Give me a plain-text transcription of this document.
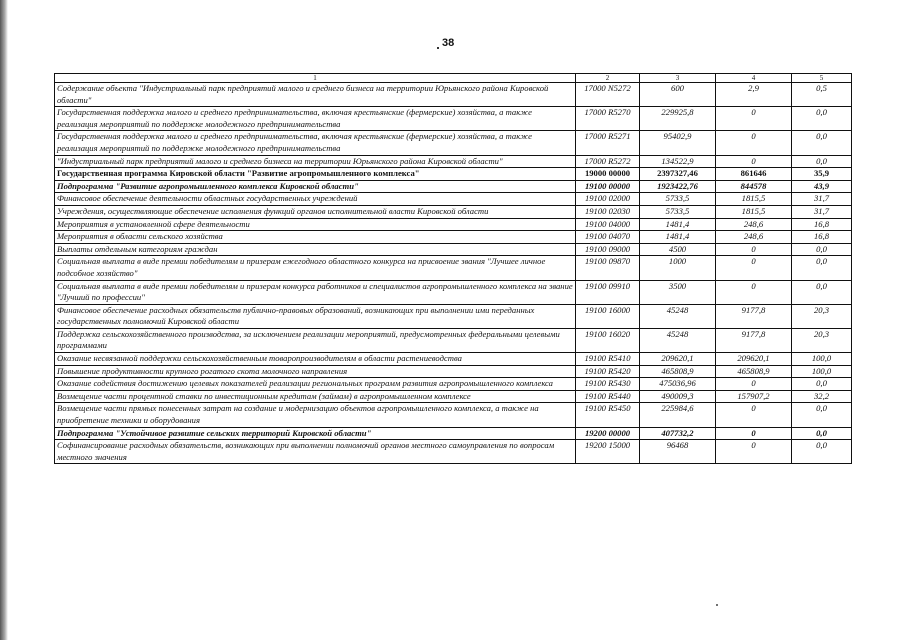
38
1	2	3	4	5
Содержание объекта "Индустриальный парк предприятий малого и среднего бизнеса на территории Юрьянского района Кировской области"	17000 N5272	600	2,9	0,5
Государственная поддержка малого и среднего предпринимательства, включая крестьянские (фермерские) хозяйства, а также реализация мероприятий по поддержке молодежного предпринимательства	17000 R5270	229925,8	0	0,0
Государственная поддержка малого и среднего предпринимательства, включая крестьянские (фермерские) хозяйства, а также реализация мероприятий по поддержке молодежного предпринимательства	17000 R5271	95402,9	0	0,0
"Индустриальный парк предприятий малого и среднего бизнеса на территории Юрьянского района Кировской области"	17000 R5272	134522,9	0	0,0
Государственная программа Кировской области "Развитие агропромышленного комплекса"	19000 00000	2397327,46	861646	35,9
Подпрограмма "Развитие агропромышленного комплекса Кировской области"	19100 00000	1923422,76	844578	43,9
Финансовое обеспечение деятельности областных государственных учреждений	19100 02000	5733,5	1815,5	31,7
Учреждения, осуществляющие обеспечение исполнения функций органов исполнительной власти Кировской области	19100 02030	5733,5	1815,5	31,7
Мероприятия в установленной сфере деятельности	19100 04000	1481,4	248,6	16,8
Мероприятия в области сельского хозяйства	19100 04070	1481,4	248,6	16,8
Выплаты отдельным категориям граждан	19100 09000	4500	0	0,0
Социальная выплата в виде премии победителям и призерам ежегодного областного конкурса на присвоение звания "Лучшее личное подсобное хозяйство"	19100 09870	1000	0	0,0
Социальная выплата в виде премии победителям и призерам конкурса работников и специалистов агропромышленного комплекса на звание "Лучший по профессии"	19100 09910	3500	0	0,0
Финансовое обеспечение расходных обязательств публично-правовых образований, возникающих при выполнении ими переданных государственных полномочий Кировской области	19100 16000	45248	9177,8	20,3
Поддержка сельскохозяйственного производства, за исключением реализации мероприятий, предусмотренных федеральными целевыми программами	19100 16020	45248	9177,8	20,3
Оказание несвязанной поддержки сельскохозяйственным товаропроизводителям в области растениеводства	19100 R5410	209620,1	209620,1	100,0
Повышение продуктивности крупного рогатого скота молочного направления	19100 R5420	465808,9	465808,9	100,0
Оказание содействия достижению целевых показателей реализации региональных программ развития агропромышленного комплекса	19100 R5430	475036,96	0	0,0
Возмещение части процентной ставки по инвестиционным кредитам (займам) в агропромышленном комплексе	19100 R5440	490009,3	157907,2	32,2
Возмещение части прямых понесенных затрат на создание и модернизацию объектов агропромышленного комплекса, а также на приобретение техники и оборудования	19100 R5450	225984,6	0	0,0
Подпрограмма "Устойчивое развитие сельских территорий Кировской области"	19200 00000	407732,2	0	0,0
Софинансирование расходных обязательств, возникающих при выполнении полномочий органов местного самоуправления по вопросам местного значения	19200 15000	96468	0	0,0
